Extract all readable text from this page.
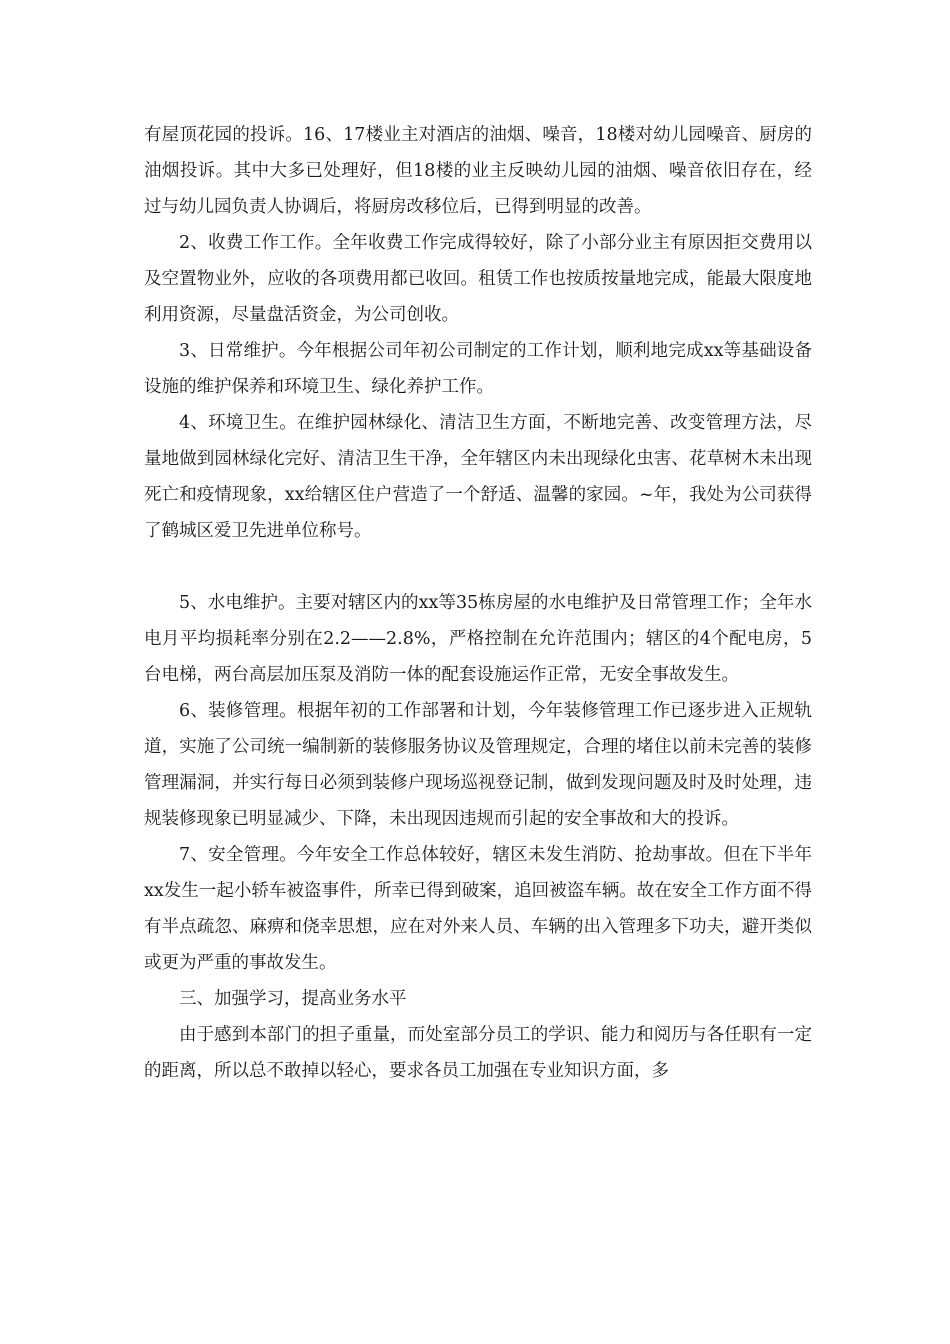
有屋顶花园的投诉。16、17楼业主对酒店的油烟、噪音，18楼对幼儿园噪音、厨房的油烟投诉。其中大多已处理好，但18楼的业主反映幼儿园的油烟、噪音依旧存在，经过与幼儿园负责人协调后，将厨房改移位后，已得到明显的改善。

2、收费工作工作。全年收费工作完成得较好，除了小部分业主有原因拒交费用以及空置物业外，应收的各项费用都已收回。租赁工作也按质按量地完成，能最大限度地利用资源，尽量盘活资金，为公司创收。

3、日常维护。今年根据公司年初公司制定的工作计划，顺利地完成xx等基础设备设施的维护保养和环境卫生、绿化养护工作。

4、环境卫生。在维护园林绿化、清洁卫生方面，不断地完善、改变管理方法，尽量地做到园林绿化完好、清洁卫生干净，全年辖区内未出现绿化虫害、花草树木未出现死亡和疫情现象，xx给辖区住户营造了一个舒适、温馨的家园。~年，我处为公司获得了鹤城区爱卫先进单位称号。

5、水电维护。主要对辖区内的xx等35栋房屋的水电维护及日常管理工作；全年水电月平均损耗率分别在2.2——2.8%，严格控制在允许范围内；辖区的4个配电房，5台电梯，两台高层加压泵及消防一体的配套设施运作正常，无安全事故发生。

6、装修管理。根据年初的工作部署和计划，今年装修管理工作已逐步进入正规轨道，实施了公司统一编制新的装修服务协议及管理规定，合理的堵住以前未完善的装修管理漏洞，并实行每日必须到装修户现场巡视登记制，做到发现问题及时及时处理，违规装修现象已明显减少、下降，未出现因违规而引起的安全事故和大的投诉。

7、安全管理。今年安全工作总体较好，辖区未发生消防、抢劫事故。但在下半年xx发生一起小轿车被盗事件，所幸已得到破案，追回被盗车辆。故在安全工作方面不得有半点疏忽、麻痹和侥幸思想，应在对外来人员、车辆的出入管理多下功夫，避开类似或更为严重的事故发生。

三、加强学习，提高业务水平

由于感到本部门的担子重量，而处室部分员工的学识、能力和阅历与各任职有一定的距离，所以总不敢掉以轻心，要求各员工加强在专业知识方面，多
